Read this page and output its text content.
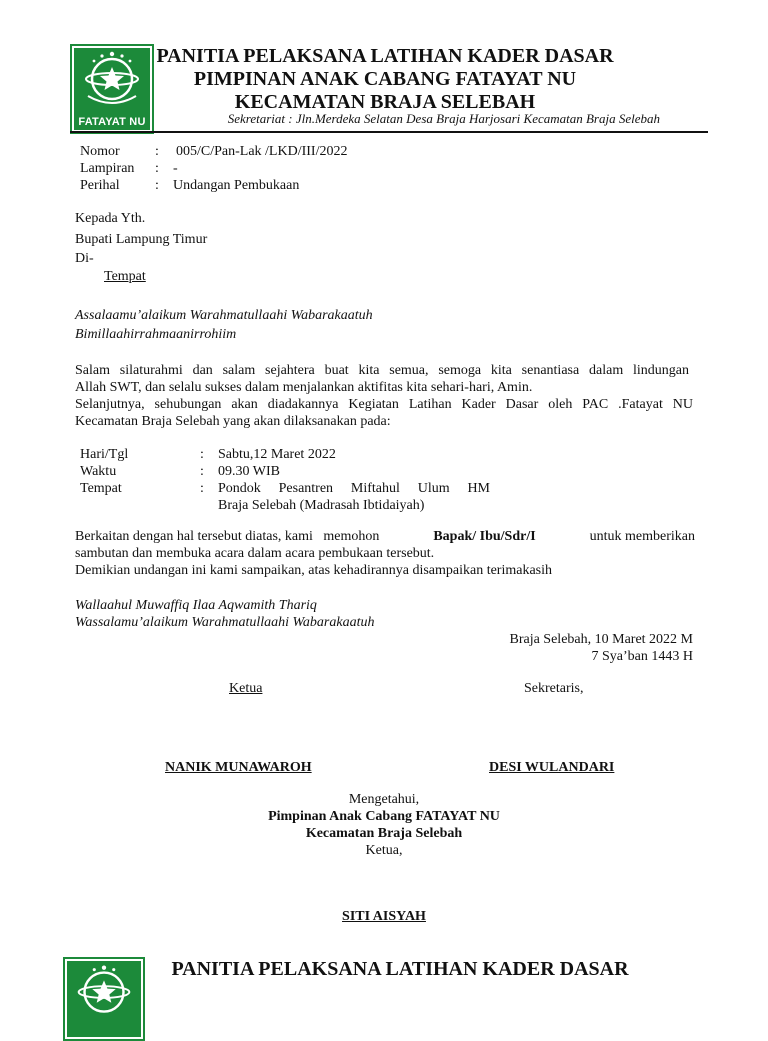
FATAYAT NU
PANITIA PELAKSANA LATIHAN KADER DASAR
PIMPINAN ANAK CABANG FATAYAT NU
KECAMATAN BRAJA SELEBAH
Sekretariat : Jln.Merdeka Selatan Desa Braja Harjosari Kecamatan Braja Selebah
Nomor	: 005/C/Pan-Lak /LKD/III/2022
Lampiran : -
Perihal	: Undangan Pembukaan
Kepada Yth.
Bupati Lampung Timur
Di-
Tempat
Assalaamu’alaikum Warahmatullaahi Wabarakaatuh
Bimillaahirrahmaanirrohiim
Salam silaturahmi dan salam sejahtera buat kita semua, semoga kita senantiasa dalam lindungan
Allah SWT, dan selalu sukses dalam menjalankan aktifitas kita sehari-hari, Amin.
Selanjutnya, sehubungan akan diadakannya Kegiatan Latihan Kader Dasar oleh PAC .Fatayat NU
Kecamatan Braja Selebah yang akan dilaksanakan pada:
Hari/Tgl	: Sabtu,12 Maret 2022
Waktu	: 09.30 WIB
Tempat	: Pondok Pesantren Miftahul Ulum HM
Braja Selebah (Madrasah Ibtidaiyah)
Berkaitan dengan hal tersebut diatas, kami   memohon	Bapak/ Ibu/Sdr/I	untuk memberikan
sambutan dan membuka acara dalam acara pembukaan tersebut.
Demikian undangan ini kami sampaikan, atas kehadirannya disampaikan terimakasih
Wallaahul Muwaffiq Ilaa Aqwamith Thariq
Wassalamu’alaikum Warahmatullaahi Wabarakaatuh
Braja Selebah, 10 Maret 2022 M
7 Sya’ban 1443 H
Ketua	Sekretaris,
NANIK MUNAWAROH	DESI WULANDARI
Mengetahui,
Pimpinan Anak Cabang FATAYAT NU
Kecamatan Braja Selebah
Ketua,
SITI AISYAH
PANITIA PELAKSANA LATIHAN KADER DASAR
